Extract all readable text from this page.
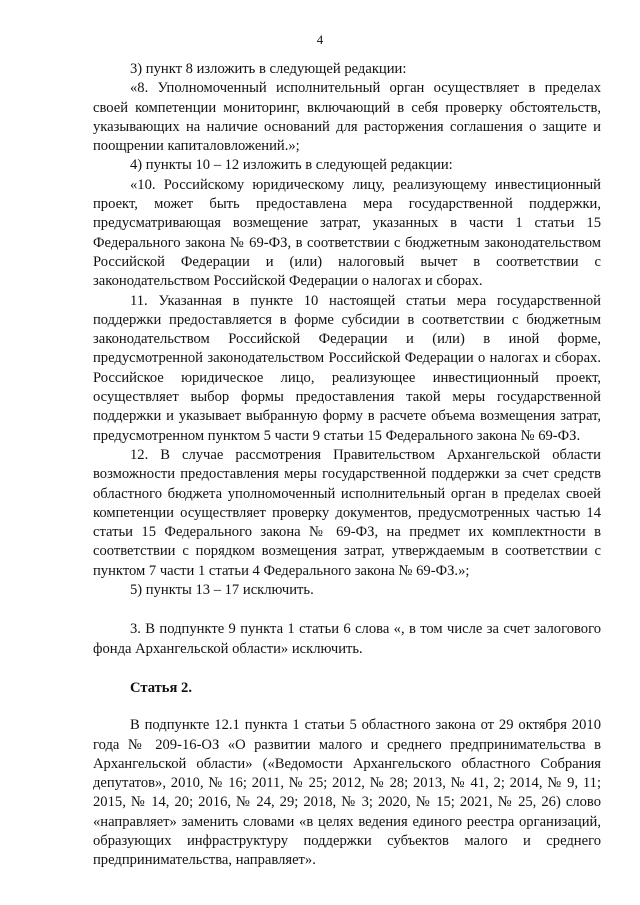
4

3) пункт 8 изложить в следующей редакции:

«8. Уполномоченный исполнительный орган осуществляет в пределах своей компетенции мониторинг, включающий в себя проверку обстоятельств, указывающих на наличие оснований для расторжения соглашения о защите и поощрении капиталовложений.»;

4) пункты 10 – 12 изложить в следующей редакции:

«10. Российскому юридическому лицу, реализующему инвестиционный проект, может быть предоставлена мера государственной поддержки, предусматривающая возмещение затрат, указанных в части 1 статьи 15 Федерального закона № 69-ФЗ, в соответствии с бюджетным законодательством Российской Федерации и (или) налоговый вычет в соответствии с законодательством Российской Федерации о налогах и сборах.

11. Указанная в пункте 10 настоящей статьи мера государственной поддержки предоставляется в форме субсидии в соответствии с бюджетным законодательством Российской Федерации и (или) в иной форме, предусмотренной законодательством Российской Федерации о налогах и сборах. Российское юридическое лицо, реализующее инвестиционный проект, осуществляет выбор формы предоставления такой меры государственной поддержки и указывает выбранную форму в расчете объема возмещения затрат, предусмотренном пунктом 5 части 9 статьи 15 Федерального закона № 69-ФЗ.

12. В случае рассмотрения Правительством Архангельской области возможности предоставления меры государственной поддержки за счет средств областного бюджета уполномоченный исполнительный орган в пределах своей компетенции осуществляет проверку документов, предусмотренных частью 14 статьи 15 Федерального закона № 69-ФЗ, на предмет их комплектности в соответствии с порядком возмещения затрат, утверждаемым в соответствии с пунктом 7 части 1 статьи 4 Федерального закона № 69-ФЗ.»;

5) пункты 13 – 17 исключить.

3. В подпункте 9 пункта 1 статьи 6 слова «, в том числе за счет залогового фонда Архангельской области» исключить.

Статья 2.

В подпункте 12.1 пункта 1 статьи 5 областного закона от 29 октября 2010 года № 209-16-ОЗ «О развитии малого и среднего предпринимательства в Архангельской области» («Ведомости Архангельского областного Собрания депутатов», 2010, № 16; 2011, № 25; 2012, № 28; 2013, № 41, 2; 2014, № 9, 11; 2015, № 14, 20; 2016, № 24, 29; 2018, № 3; 2020, № 15; 2021, № 25, 26) слово «направляет» заменить словами «в целях ведения единого реестра организаций, образующих инфраструктуру поддержки субъектов малого и среднего предпринимательства, направляет».
